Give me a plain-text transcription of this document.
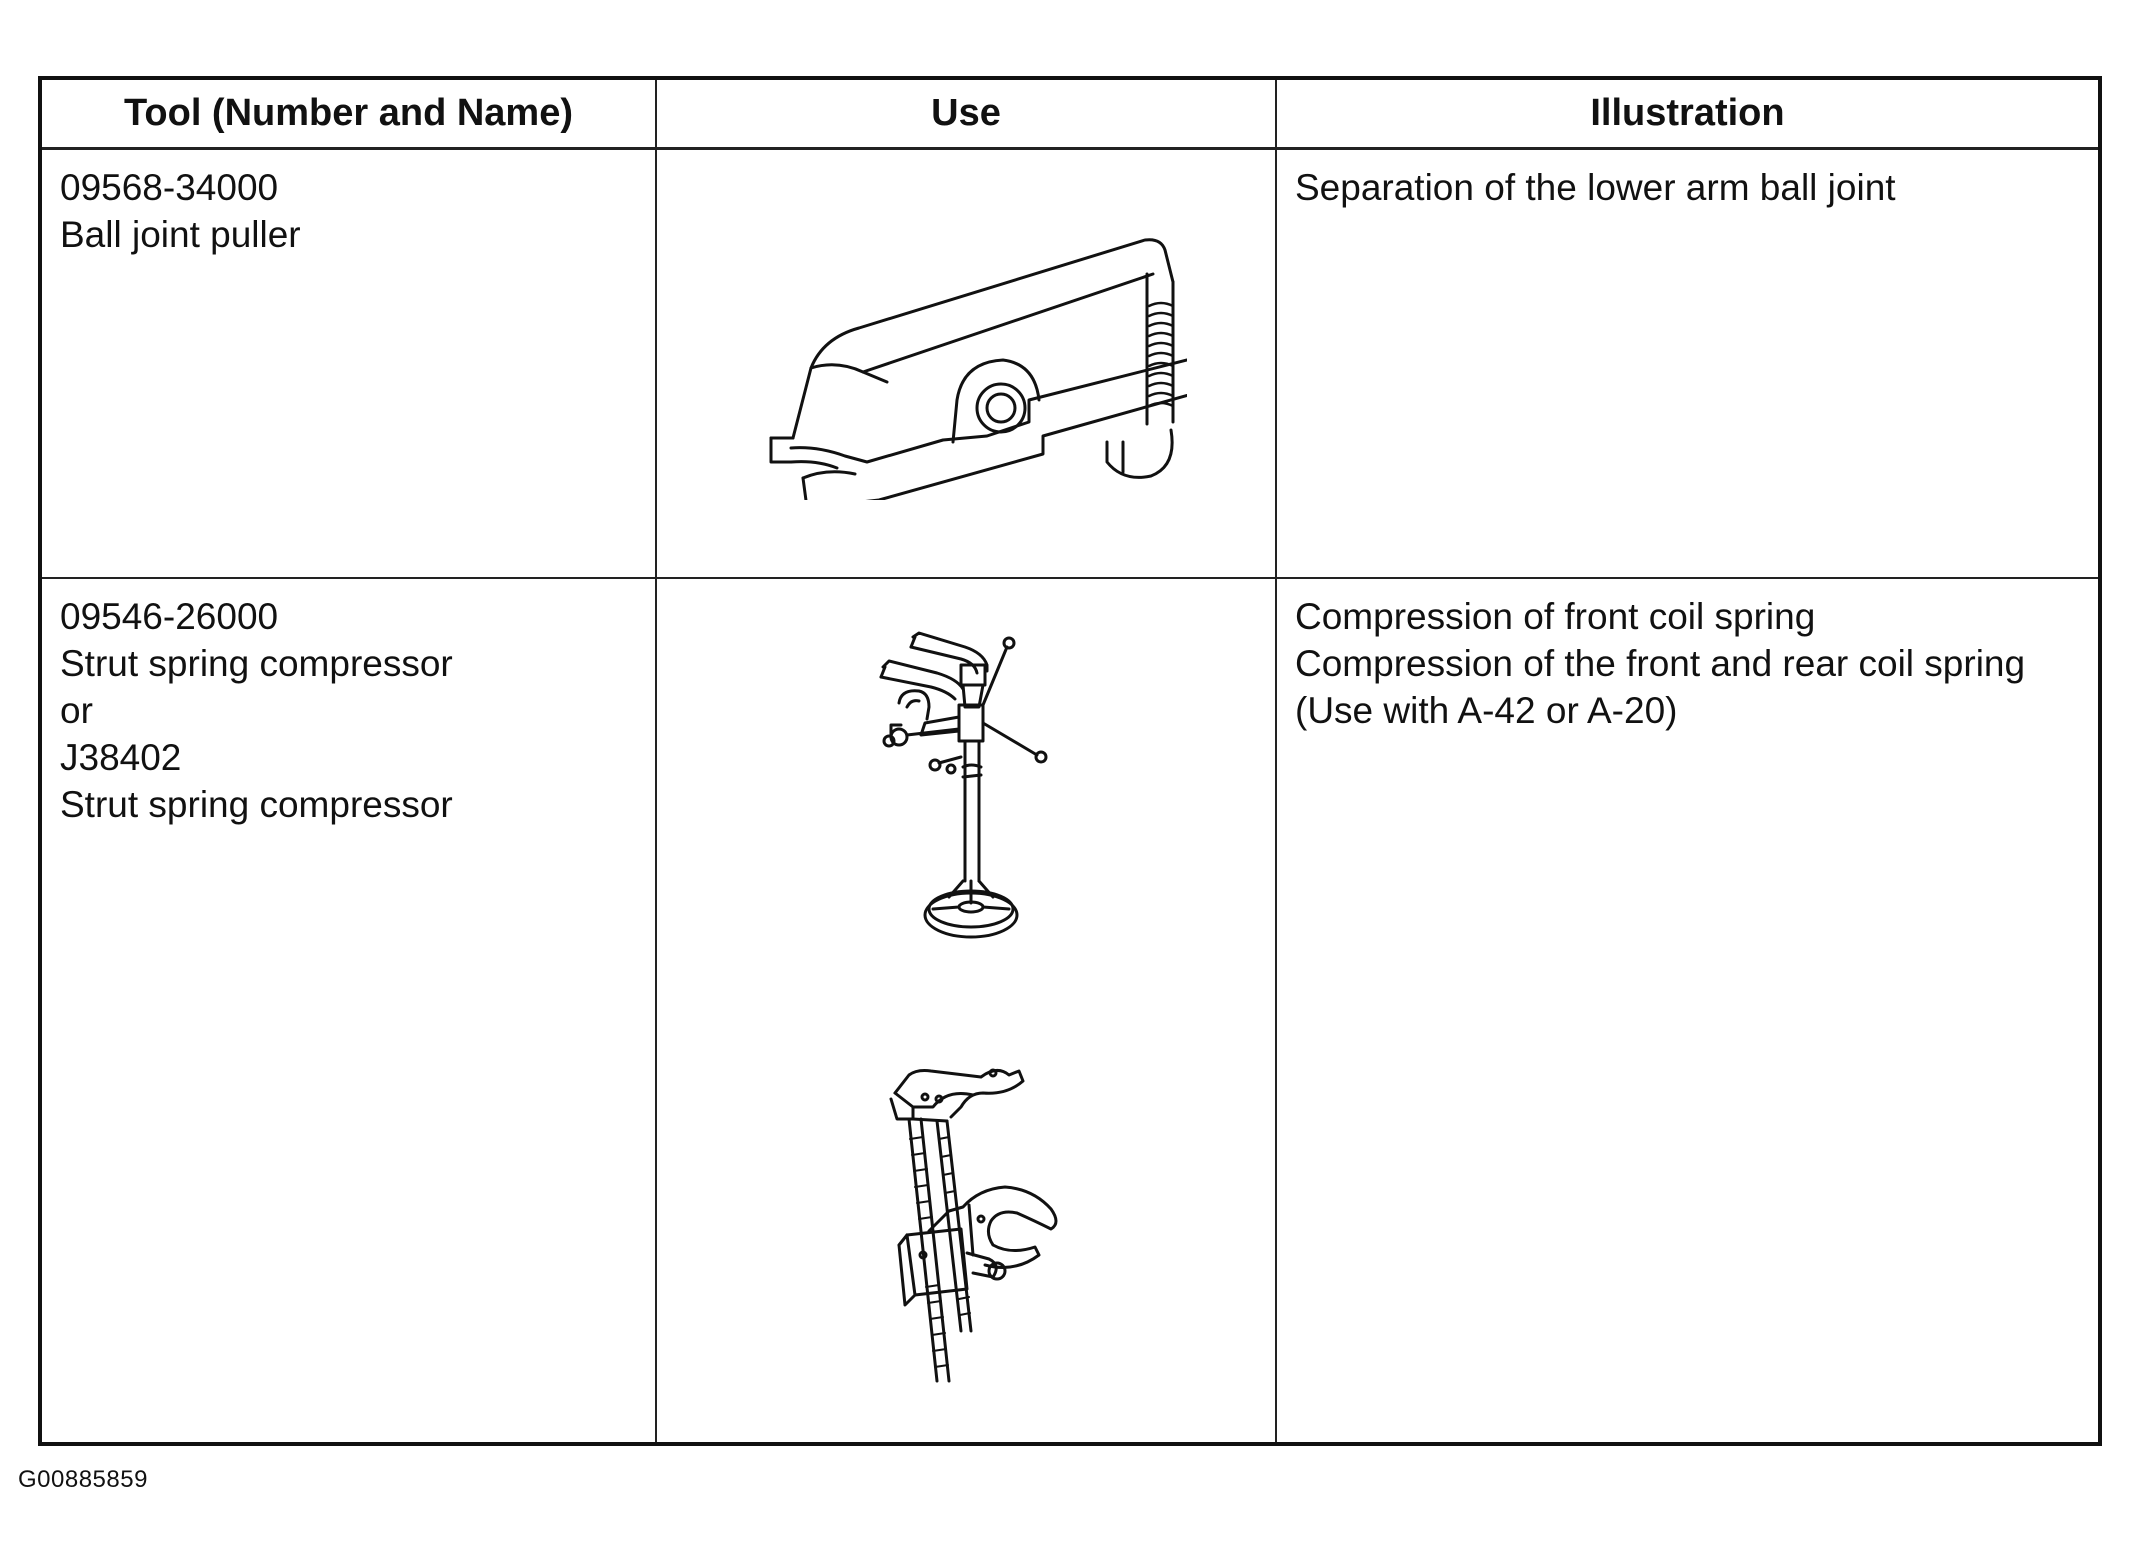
Tool (Number and Name)	Use	Illustration

09568-34000
Ball joint puller		Separation of the lower arm ball joint

09546-26000
Strut spring compressor
or
J38402
Strut spring compressor		Compression of front coil spring
Compression of the front and rear coil spring
(Use with A-42 or A-20)
G00885859
